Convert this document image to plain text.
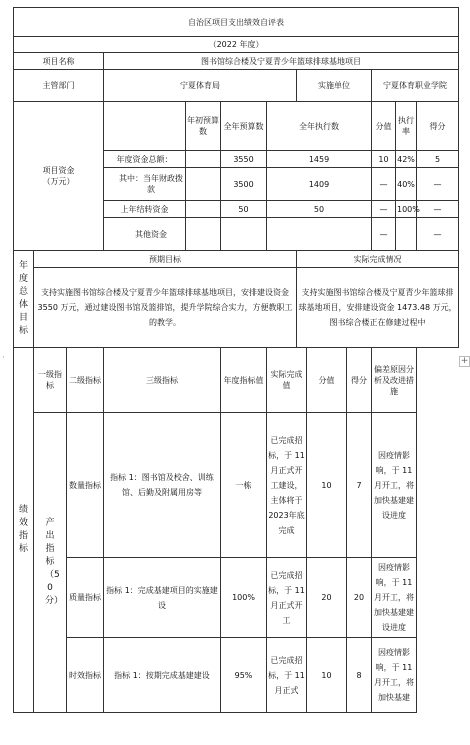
·	+
自治区项目支出绩效自评表												
（2022 年度）												
项目名称			图书馆综合楼及宁夏青少年篮球排球基地项目									
主管部门			宁夏体育局				实施单位			宁夏体育职业学院		
项目资金
（万元）				年初预算数	全年预算数	全年执行数				分值	执行率	得分
			年度资金总额：		3550	1459				10	42%	5
			其中：当年财政拨款		3500	1409				—	40%	—
			上年结转资金		50	50				—	100%	—
			其他资金							—		—

年度总体目标	预期目标						实际完成情况					
	支持实施图书馆综合楼及宁夏青少年篮球排球基地项目，安排建设资金 3550 万元，通过建设图书馆及篮排馆，提升学院综合实力，方便教职工的教学。						支持实施图书馆综合楼及宁夏青少年篮球排球基地项目，安排建设资金 1473.48 万元，图书综合楼正在修建过程中					

绩效指标	一级指标	二级指标	三级指标		年度指标值	实际完成值		分值	得分	偏差原因分析及改进措施		

	产出指标（50 分）	数量指标	指标 1：图书馆及校舍、训练馆、后勤及附属用房等		一栋	已完成招标，于 11 月正式开工建设，主体将于 2023年底完成		10	7	因疫情影响，于 11 月开工，将加快基建建设进度		
		质量指标	指标 1：完成基建项目的实施建设		100%	已完成招标，于 11 月正式开工		20	20	因疫情影响，于 11 月开工，将加快基建建设进度		
		时效指标	指标 1：按期完成基建建设		95%	已完成招标，于 11 月正式		10	8	因疫情影响，于 11 月开工，将加快基建		
